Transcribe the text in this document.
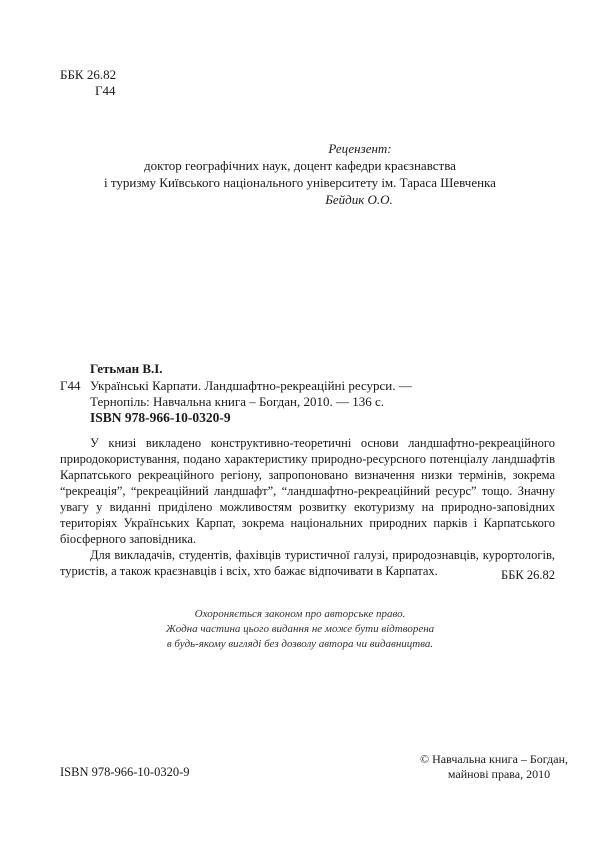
ББК 26.82
Г44
Рецензент:
доктор географічних наук, доцент кафедри краєзнавства
і туризму Київського національного університету ім. Тараса Шевченка
Бейдик О.О.
Гетьман В.І.
Г44 Українські Карпати. Ландшафтно-рекреаційні ресурси. —
Тернопіль: Навчальна книга – Богдан, 2010. — 136 с.
ISBN 978-966-10-0320-9

У книзі викладено конструктивно-теоретичні основи ландшафтно-рекреаційного природокористування, подано характеристику природно-ресурсного потенціалу ландшафтів Карпатського рекреаційного регіону, запропоновано визначення низки термінів, зокрема “рекреація”, “рекреаційний ландшафт”, “ландшафтно-рекреаційний ресурс” тощо. Значну увагу у виданні приділено можливостям розвитку екотуризму на природно-заповідних територіях Українських Карпат, зокрема національних природних парків і Карпатського біосферного заповідника.

Для викладачів, студентів, фахівців туристичної галузі, природознавців, курортологів, туристів, а також краєзнавців і всіх, хто бажає відпочивати в Карпатах.	ББК 26.82
Охороняється законом про авторське право.
Жодна частина цього видання не може бути відтворена
в будь-якому вигляді без дозволу автора чи видавництва.
ISBN 978-966-10-0320-9
© Навчальна книга – Богдан,
майнові права, 2010
